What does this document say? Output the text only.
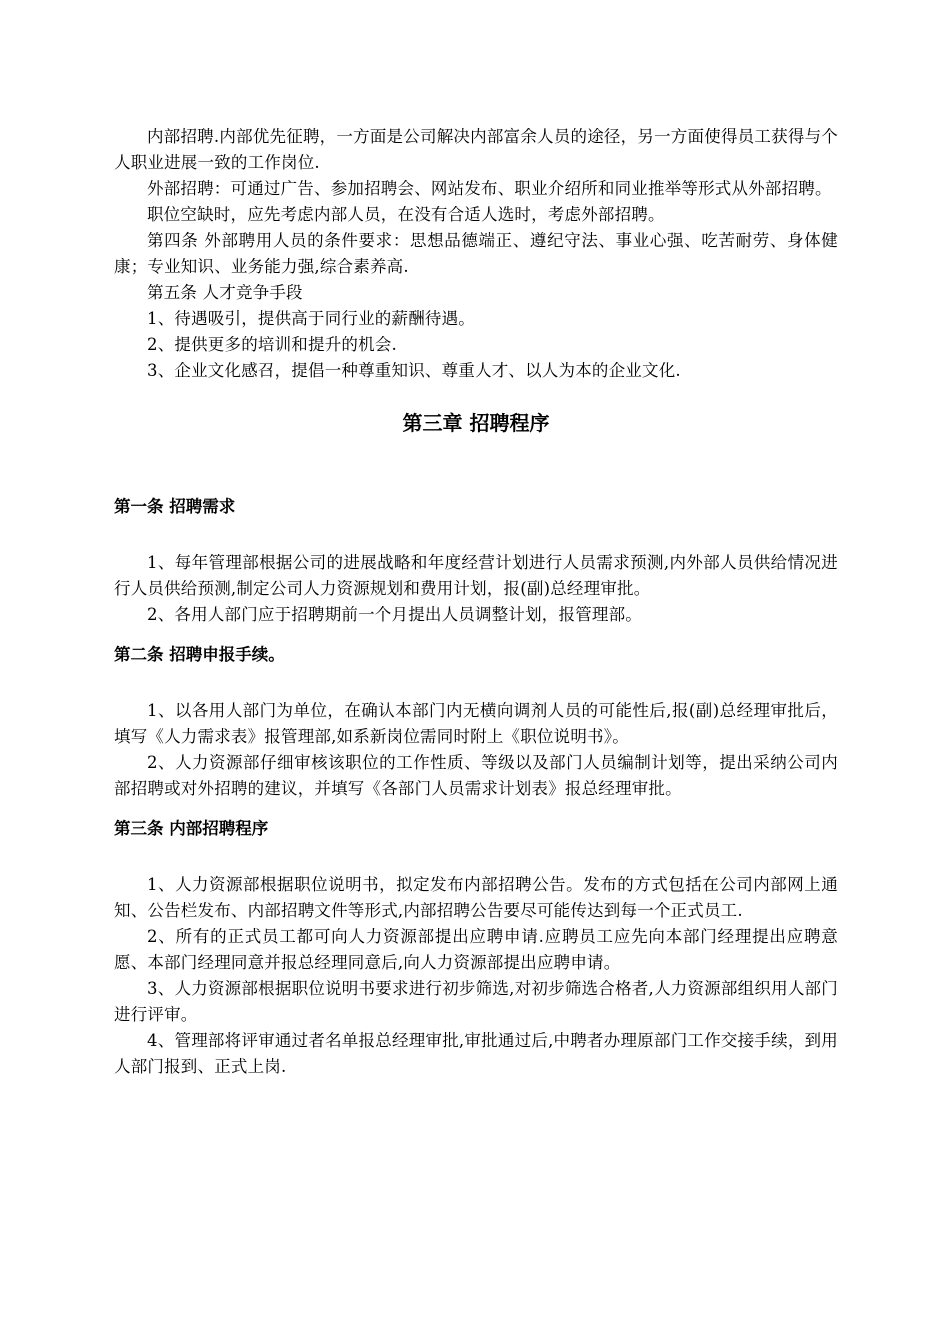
内部招聘.内部优先征聘，一方面是公司解决内部富余人员的途径，另一方面使得员工获得与个人职业进展一致的工作岗位.

外部招聘：可通过广告、参加招聘会、网站发布、职业介绍所和同业推举等形式从外部招聘。

职位空缺时，应先考虑内部人员，在没有合适人选时，考虑外部招聘。

第四条 外部聘用人员的条件要求：思想品德端正、遵纪守法、事业心强、吃苦耐劳、身体健康；专业知识、业务能力强,综合素养高.

第五条 人才竞争手段

1、待遇吸引，提供高于同行业的薪酬待遇。

2、提供更多的培训和提升的机会.

3、企业文化感召，提倡一种尊重知识、尊重人才、以人为本的企业文化.

第三章 招聘程序
第一条 招聘需求

1、每年管理部根据公司的进展战略和年度经营计划进行人员需求预测,内外部人员供给情况进行人员供给预测,制定公司人力资源规划和费用计划，报(副)总经理审批。

2、各用人部门应于招聘期前一个月提出人员调整计划，报管理部。

第二条 招聘申报手续。

1、以各用人部门为单位，在确认本部门内无横向调剂人员的可能性后,报(副)总经理审批后，填写《人力需求表》报管理部,如系新岗位需同时附上《职位说明书》。

2、人力资源部仔细审核该职位的工作性质、等级以及部门人员编制计划等，提出采纳公司内部招聘或对外招聘的建议，并填写《各部门人员需求计划表》报总经理审批。

第三条 内部招聘程序

1、人力资源部根据职位说明书，拟定发布内部招聘公告。发布的方式包括在公司内部网上通知、公告栏发布、内部招聘文件等形式,内部招聘公告要尽可能传达到每一个正式员工.

2、所有的正式员工都可向人力资源部提出应聘申请.应聘员工应先向本部门经理提出应聘意愿、本部门经理同意并报总经理同意后,向人力资源部提出应聘申请。

3、人力资源部根据职位说明书要求进行初步筛选,对初步筛选合格者,人力资源部组织用人部门进行评审。

4、管理部将评审通过者名单报总经理审批,审批通过后,中聘者办理原部门工作交接手续，到用人部门报到、正式上岗.
